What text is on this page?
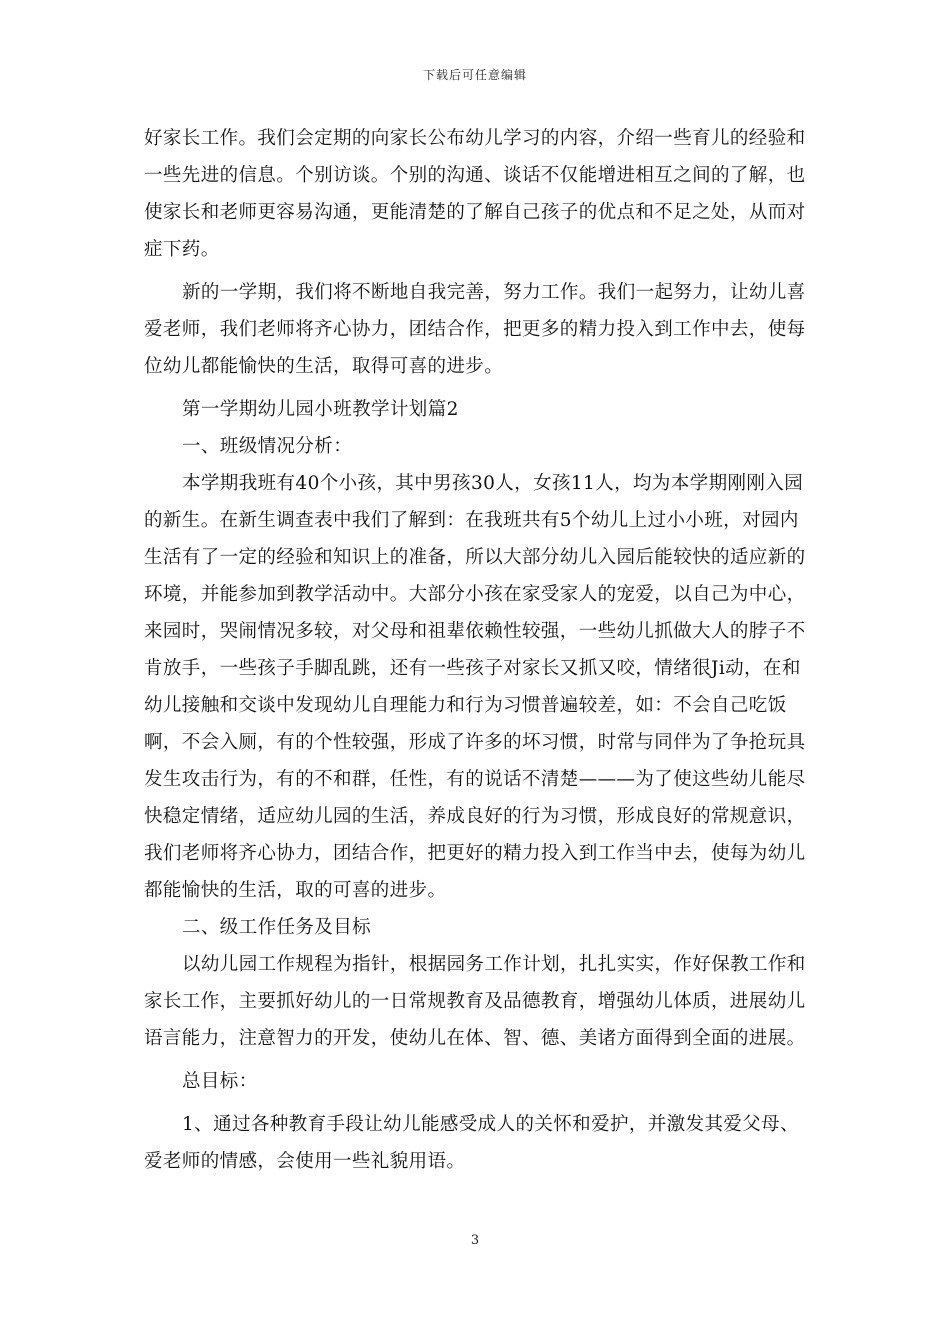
下载后可任意编辑

好家长工作。我们会定期的向家长公布幼儿学习的内容，介绍一些育儿的经验和一些先进的信息。个别访谈。个别的沟通、谈话不仅能增进相互之间的了解，也使家长和老师更容易沟通，更能清楚的了解自己孩子的优点和不足之处，从而对症下药。

新的一学期，我们将不断地自我完善，努力工作。我们一起努力，让幼儿喜爱老师，我们老师将齐心协力，团结合作，把更多的精力投入到工作中去，使每位幼儿都能愉快的生活，取得可喜的进步。

第一学期幼儿园小班教学计划篇2

一、班级情况分析：

本学期我班有40个小孩，其中男孩30人，女孩11人，均为本学期刚刚入园的新生。在新生调查表中我们了解到：在我班共有5个幼儿上过小小班，对园内生活有了一定的经验和知识上的准备，所以大部分幼儿入园后能较快的适应新的环境，并能参加到教学活动中。大部分小孩在家受家人的宠爱，以自己为中心，来园时，哭闹情况多较，对父母和祖辈依赖性较强，一些幼儿抓做大人的脖子不肯放手，一些孩子手脚乱跳，还有一些孩子对家长又抓又咬，情绪很Ji动，在和幼儿接触和交谈中发现幼儿自理能力和行为习惯普遍较差，如：不会自己吃饭啊，不会入厕，有的个性较强，形成了许多的坏习惯，时常与同伴为了争抢玩具发生攻击行为，有的不和群，任性，有的说话不清楚———为了使这些幼儿能尽快稳定情绪，适应幼儿园的生活，养成良好的行为习惯，形成良好的常规意识，我们老师将齐心协力，团结合作，把更好的精力投入到工作当中去，使每为幼儿都能愉快的生活，取的可喜的进步。

二、级工作任务及目标

以幼儿园工作规程为指针，根据园务工作计划，扎扎实实，作好保教工作和家长工作，主要抓好幼儿的一日常规教育及品德教育，增强幼儿体质，进展幼儿语言能力，注意智力的开发，使幼儿在体、智、德、美诸方面得到全面的进展。

总目标：

1、通过各种教育手段让幼儿能感受成人的关怀和爱护，并激发其爱父母、爱老师的情感，会使用一些礼貌用语。

3
